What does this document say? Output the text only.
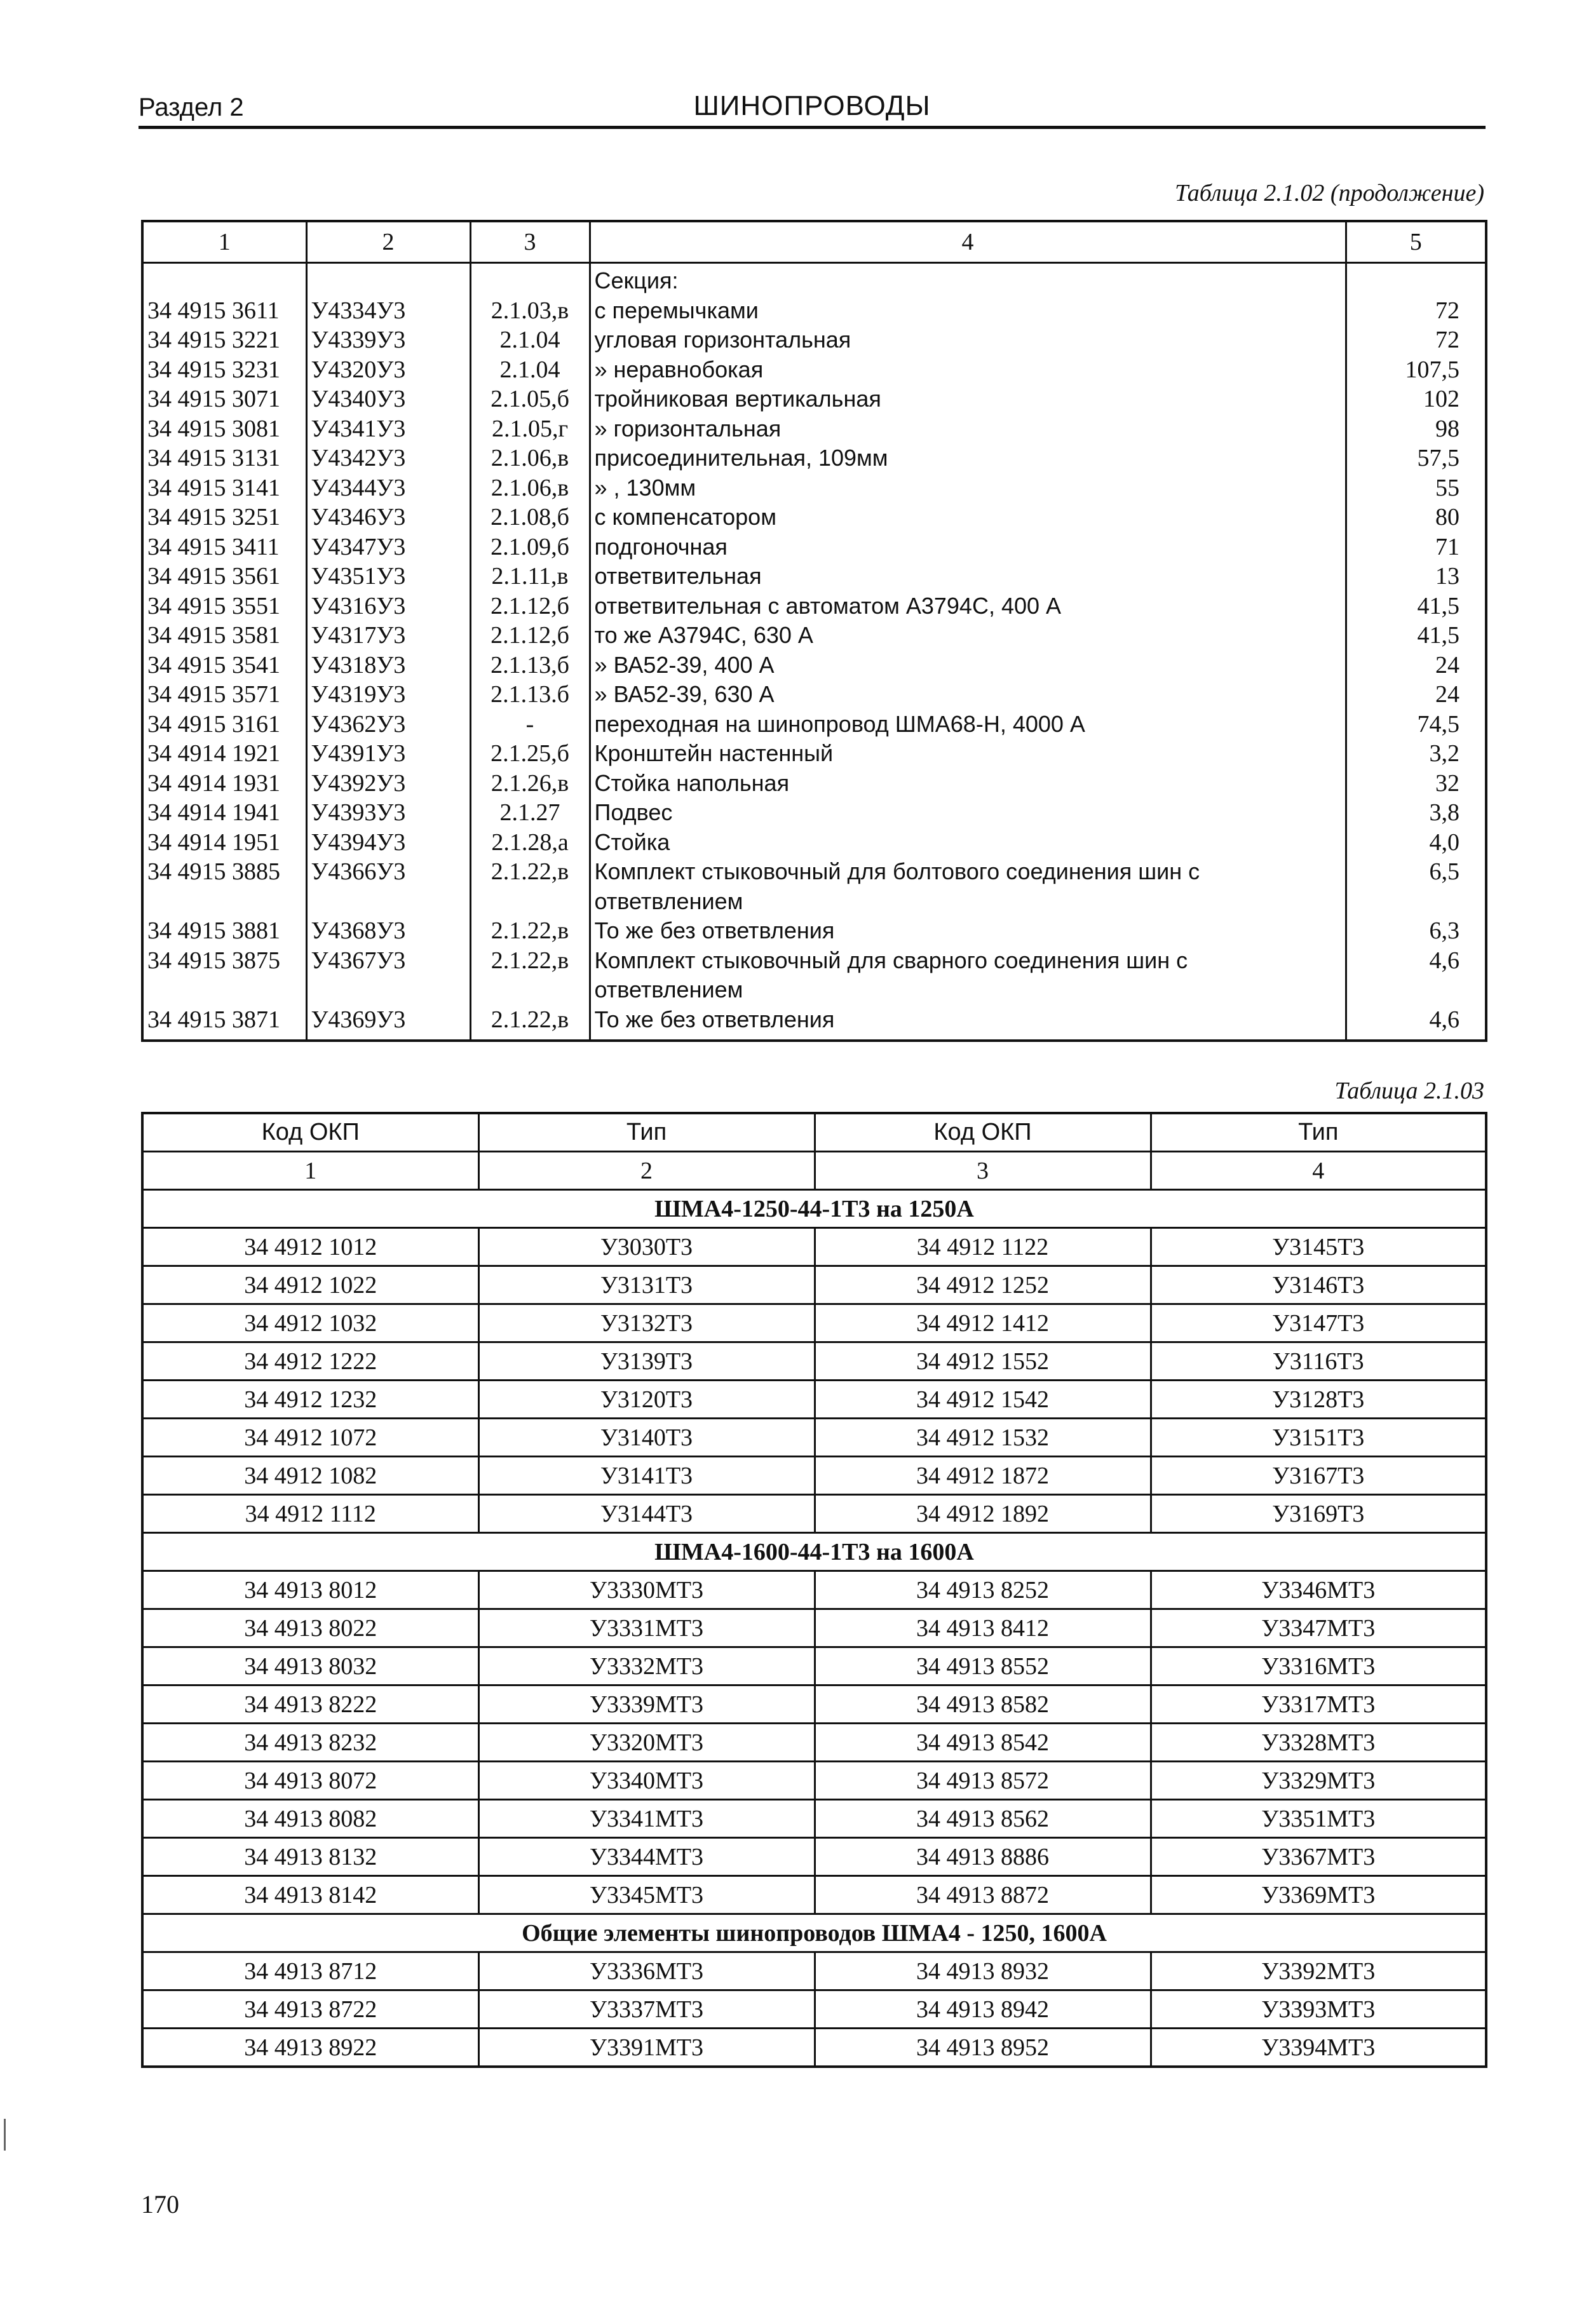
Раздел 2	ШИНОПРОВОДЫ
Таблица 2.1.02 (продолжение)
1	2	3	4	5
			Секция:	
34 4915 3611	У4334У3	2.1.03,в	с перемычками	72
34 4915 3221	У4339У3	2.1.04	угловая горизонтальная	72
34 4915 3231	У4320У3	2.1.04	» неравнобокая	107,5
34 4915 3071	У4340У3	2.1.05,б	тройниковая вертикальная	102
34 4915 3081	У4341У3	2.1.05,г	» горизонтальная	98
34 4915 3131	У4342У3	2.1.06,в	присоединительная, 109мм	57,5
34 4915 3141	У4344У3	2.1.06,в	» , 130мм	55
34 4915 3251	У4346У3	2.1.08,б	с компенсатором	80
34 4915 3411	У4347У3	2.1.09,б	подгоночная	71
34 4915 3561	У4351У3	2.1.11,в	ответвительная	13
34 4915 3551	У4316У3	2.1.12,б	ответвительная с автоматом А3794С, 400 А	41,5
34 4915 3581	У4317У3	2.1.12,б	то же А3794С, 630 А	41,5
34 4915 3541	У4318У3	2.1.13,б	» ВА52-39, 400 А	24
34 4915 3571	У4319У3	2.1.13.б	» ВА52-39, 630 А	24
34 4915 3161	У4362У3	-	переходная на шинопровод ШМА68-Н, 4000 А	74,5
34 4914 1921	У4391У3	2.1.25,б	Кронштейн настенный	3,2
34 4914 1931	У4392У3	2.1.26,в	Стойка напольная	32
34 4914 1941	У4393У3	2.1.27	Подвес	3,8
34 4914 1951	У4394У3	2.1.28,а	Стойка	4,0
34 4915 3885	У4366У3	2.1.22,в	Комплект стыковочный для болтового соединения шин с ответвлением	6,5
34 4915 3881	У4368У3	2.1.22,в	То же без ответвления	6,3
34 4915 3875	У4367У3	2.1.22,в	Комплект стыковочный для сварного соединения шин с ответвлением	4,6
34 4915 3871	У4369У3	2.1.22,в	То же без ответвления	4,6
Таблица 2.1.03
Код ОКП	Тип	Код ОКП	Тип
1	2	3	4
ШМА4-1250-44-1Т3 на 1250А			
34 4912 1012	У3030Т3	34 4912 1122	У3145Т3
34 4912 1022	У3131Т3	34 4912 1252	У3146Т3
34 4912 1032	У3132Т3	34 4912 1412	У3147Т3
34 4912 1222	У3139Т3	34 4912 1552	У3116Т3
34 4912 1232	У3120Т3	34 4912 1542	У3128Т3
34 4912 1072	У3140Т3	34 4912 1532	У3151Т3
34 4912 1082	У3141Т3	34 4912 1872	У3167Т3
34 4912 1112	У3144Т3	34 4912 1892	У3169Т3
ШМА4-1600-44-1Т3 на 1600А			
34 4913 8012	У3330МТ3	34 4913 8252	У3346МТ3
34 4913 8022	У3331МТ3	34 4913 8412	У3347МТ3
34 4913 8032	У3332МТ3	34 4913 8552	У3316МТ3
34 4913 8222	У3339МТ3	34 4913 8582	У3317МТ3
34 4913 8232	У3320МТ3	34 4913 8542	У3328МТ3
34 4913 8072	У3340МТ3	34 4913 8572	У3329МТ3
34 4913 8082	У3341МТ3	34 4913 8562	У3351МТ3
34 4913 8132	У3344МТ3	34 4913 8886	У3367МТ3
34 4913 8142	У3345МТ3	34 4913 8872	У3369МТ3
Общие элементы шинопроводов ШМА4 - 1250, 1600А			
34 4913 8712	У3336МТ3	34 4913 8932	У3392МТ3
34 4913 8722	У3337МТ3	34 4913 8942	У3393МТ3
34 4913 8922	У3391МТ3	34 4913 8952	У3394МТ3
170
